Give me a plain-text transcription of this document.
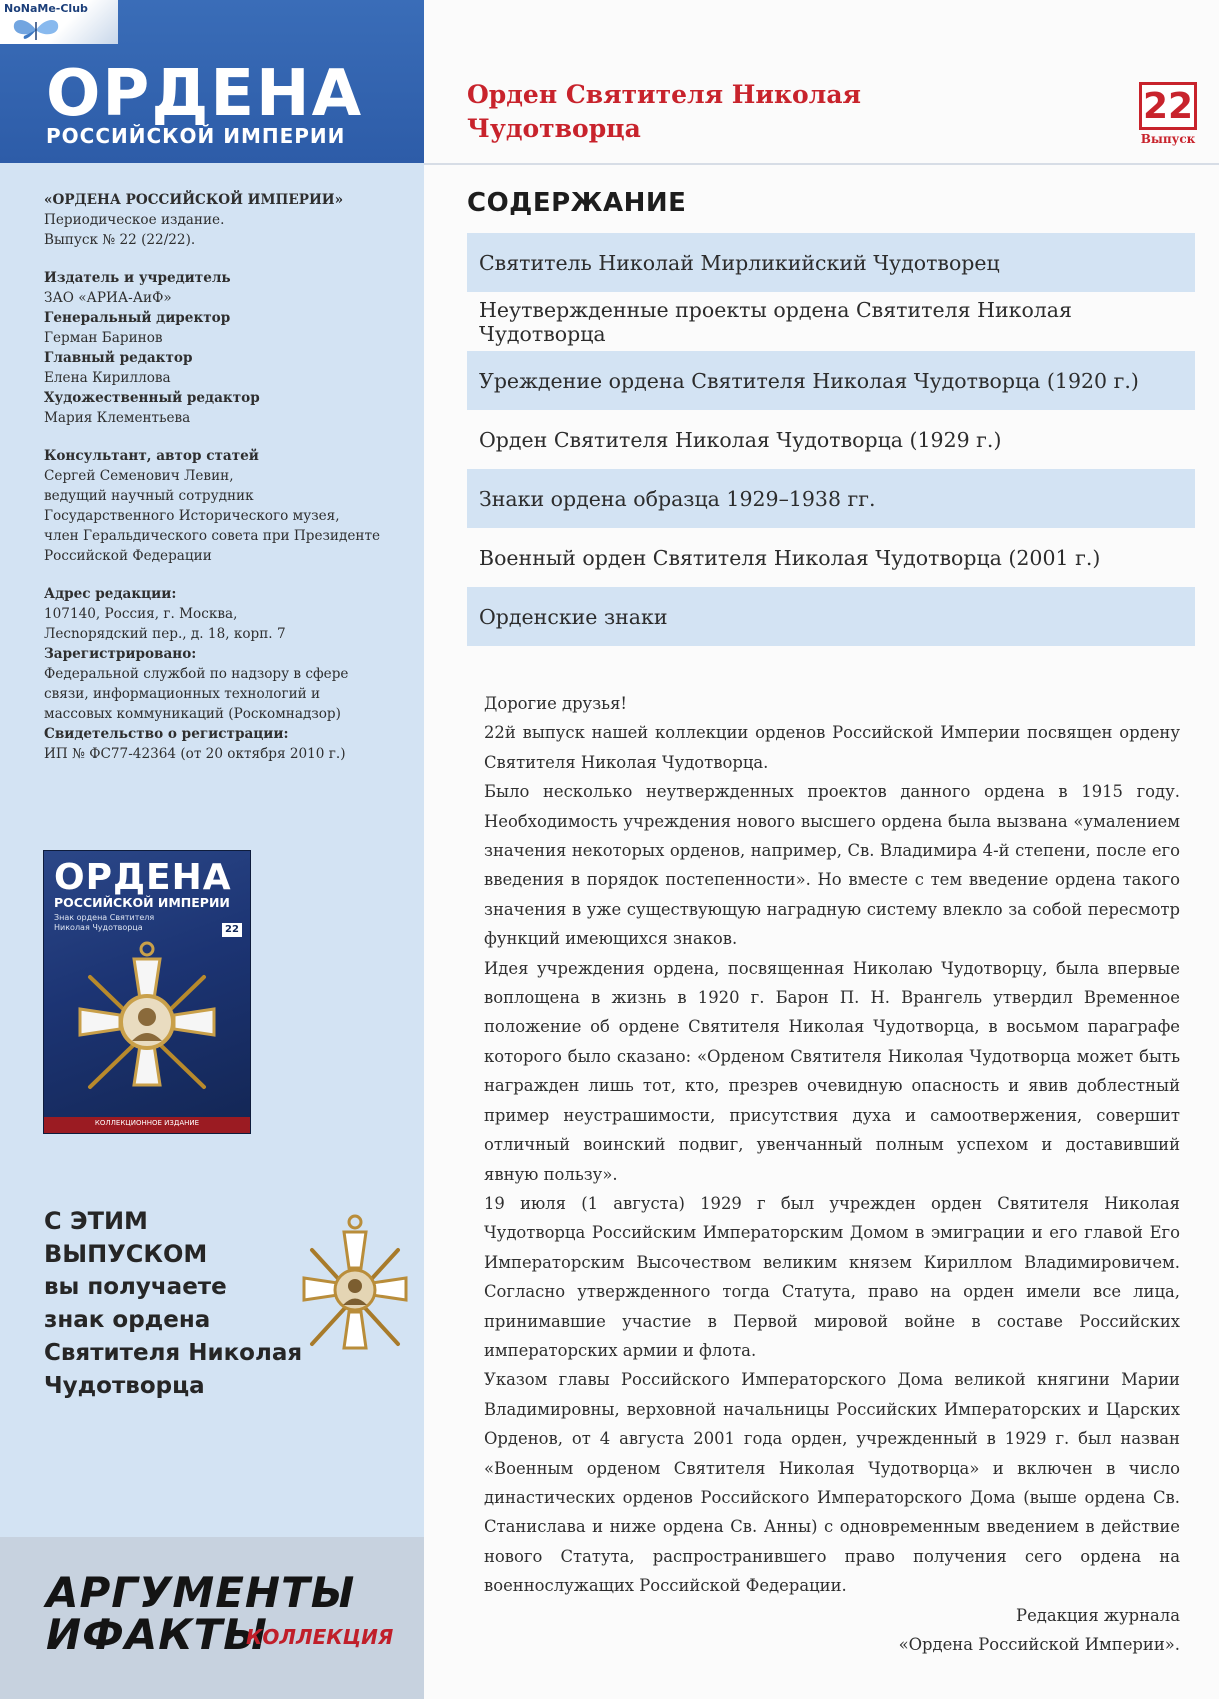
ОРДЕНА
РОССИЙСКОЙ ИМПЕРИИ
NoNaMe-Club
«ОРДЕНА РОССИЙСКОЙ ИМПЕРИИ»
Периодическое издание.
Выпуск № 22 (22/22).
Издатель и учредитель
ЗАО «АРИА-АиФ»
Генеральный директор
Герман Баринов
Главный редактор
Елена Кириллова
Художественный редактор
Мария Клементьева
Консультант, автор статей
Сергей Семенович Левин,
ведущий научный сотрудник
Государственного Исторического музея,
член Геральдического совета при Президенте
Российской Федерации
Адрес редакции:
107140, Россия, г. Москва,
Лесnорядский пер., д. 18, корп. 7
Зарегистрировано:
Федеральной службой по надзору в сфере
связи, информационных технологий и
массовых коммуникаций (Роскомнадзор)
Свидетельство о регистрации:
ИП № ФС77-42364 (от 20 октября 2010 г.)
ОРДЕНА
РОССИЙСКОЙ ИМПЕРИИ
Знак ордена Святителя Николая Чудотворца	22
КОЛЛЕКЦИОННОЕ ИЗДАНИЕ
С ЭТИМ ВЫПУСКОМ
вы получаете
знак ордена
Святителя Николая
Чудотворца
АРГУМЕНТЫ
ИФАКТЫ
КОЛЛЕКЦИЯ
Орден Святителя Николая
Чудотворца
22
Выпуск
СОДЕРЖАНИЕ
Святитель Николай Мирликийский Чудотворец
Неутвержденные проекты ордена Святителя Николая Чудотворца
Уреждение ордена Святителя Николая Чудотворца (1920 г.)
Орден Святителя Николая Чудотворца (1929 г.)
Знаки ордена образца 1929–1938 гг.
Военный орден Святителя Николая Чудотворца (2001 г.)
Орденские знаки

Дорогие друзья!

22й выпуск нашей коллекции орденов Российской Империи посвящен ордену Святителя Николая Чудотворца.

Было несколько неутвержденных проектов данного ордена в 1915 году. Необходимость учреждения нового высшего ордена была вызвана «умалением значения некоторых орденов, например, Св. Владимира 4-й степени, после его введения в порядок постепенности». Но вместе с тем введение ордена такого значения в уже существующую наградную систему влекло за собой пересмотр функций имеющихся знаков.

Идея учреждения ордена, посвященная Николаю Чудотворцу, была впервые воплощена в жизнь в 1920 г. Барон П. Н. Врангель утвердил Временное положение об ордене Святителя Николая Чудотворца, в восьмом параграфе которого было сказано: «Орденом Святителя Николая Чудотворца может быть награжден лишь тот, кто, презрев очевидную опасность и явив доблестный пример неустрашимости, присутствия духа и самоотвержения, совершит отличный воинский подвиг, увенчанный полным успехом и доставивший явную пользу».

19 июля (1 августа) 1929 г был учрежден орден Святителя Николая Чудотворца Российским Императорским Домом в эмиграции и его главой Его Императорским Высочеством великим князем Кириллом Владимировичем. Согласно утвержденного тогда Статута, право на орден имели все лица, принимавшие участие в Первой мировой войне в составе Российских императорских армии и флота.

Указом главы Российского Императорского Дома великой княгини Марии Владимировны, верховной начальницы Российских Императорских и Царских Орденов, от 4 августа 2001 года орден, учрежденный в 1929 г. был назван «Военным орденом Святителя Николая Чудотворца» и включен в число династических орденов Российского Императорского Дома (выше ордена Св. Станислава и ниже ордена Св. Анны) с одновременным введением в действие нового Статута, распространившего право получения сего ордена на военнослужащих Российской Федерации.

Редакция журнала
«Ордена Российской Империи».
